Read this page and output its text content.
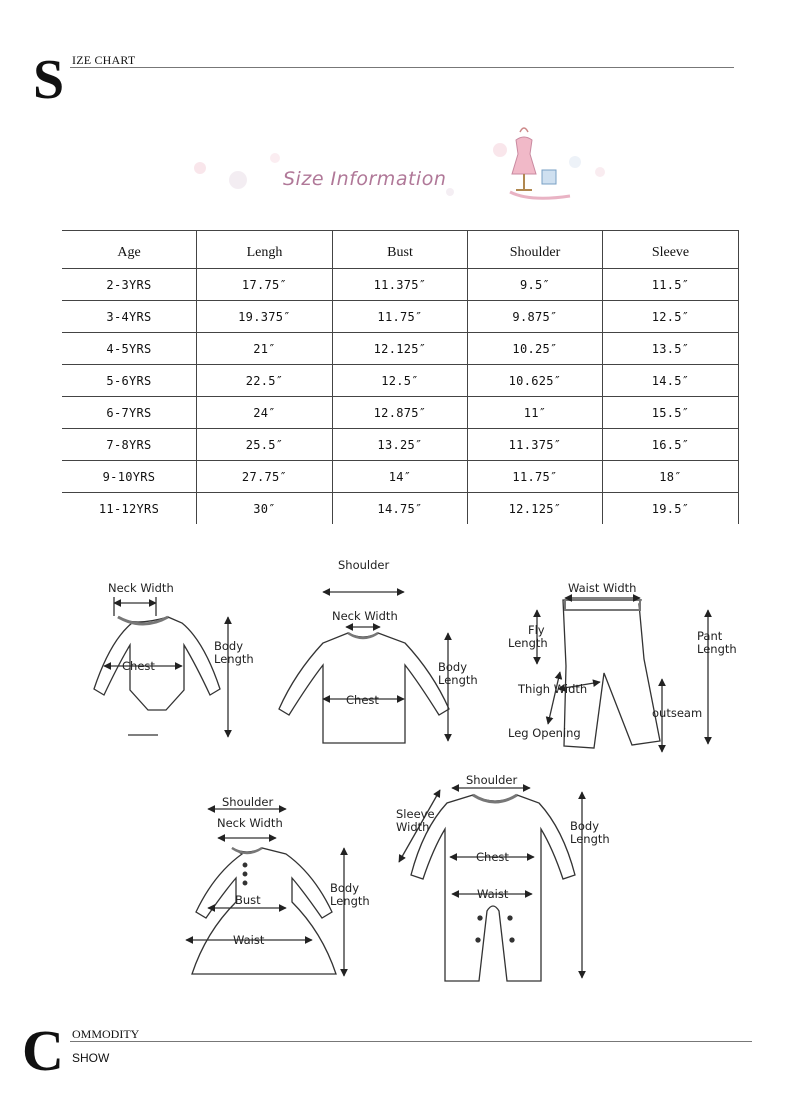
S IZE CHART
Size Information
Age	Lengh	Bust	Shoulder	Sleeve
2-3YRS	17.75″	11.375″	9.5″	11.5″
3-4YRS	19.375″	11.75″	9.875″	12.5″
4-5YRS	21″	12.125″	10.25″	13.5″
5-6YRS	22.5″	12.5″	10.625″	14.5″
6-7YRS	24″	12.875″	11″	15.5″
7-8YRS	25.5″	13.25″	11.375″	16.5″
9-10YRS	27.75″	14″	11.75″	18″
11-12YRS	30″	14.75″	12.125″	19.5″
Neck Width
Chest
Body
Length
Shoulder
Neck Width
Chest
Body
Length
Waist Width
Fly
Length	Pant
Length
Thigh Width
outseam
Leg Opening
Shoulder
Neck Width
Bust
Waist
Body
Length
Shoulder
Sleeve
Width
Chest
Waist
Body
Length
C OMMODITY
SHOW
